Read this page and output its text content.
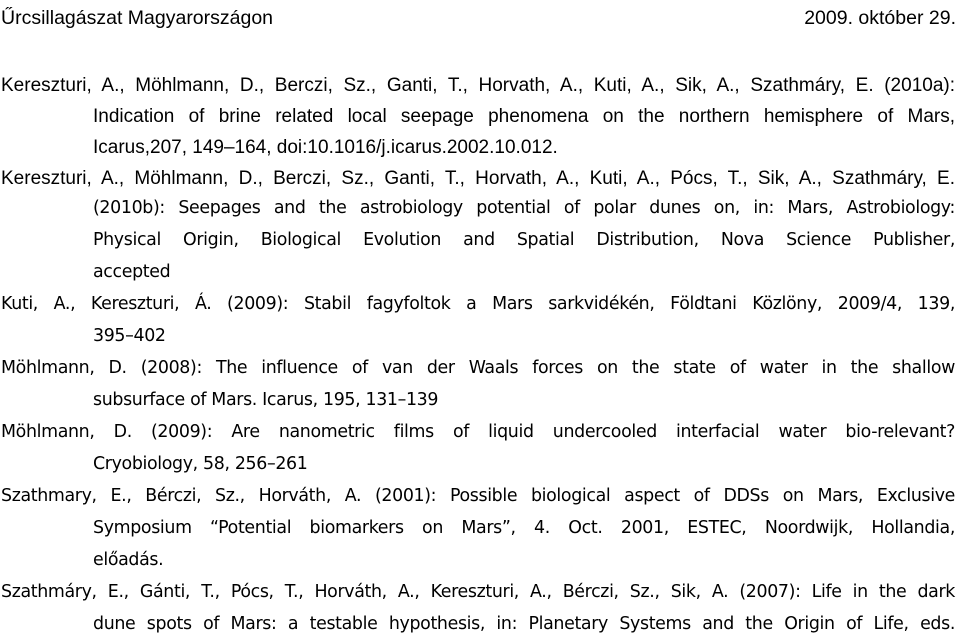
Űrcsillagászat Magyarországon	2009. október 29.
Kereszturi, A., Möhlmann, D., Berczi, Sz., Ganti, T., Horvath, A., Kuti, A., Sik, A., Szathmáry, E. (2010a):
Indication of brine related local seepage phenomena on the northern hemisphere of Mars,
Icarus,207, 149–164, doi:10.1016/j.icarus.2002.10.012.
Kereszturi, A., Möhlmann, D., Berczi, Sz., Ganti, T., Horvath, A., Kuti, A., Pócs, T., Sik, A., Szathmáry, E.
(2010b): Seepages and the astrobiology potential of polar dunes on, in: Mars, Astrobiology:
Physical Origin, Biological Evolution and Spatial Distribution, Nova Science Publisher,
accepted
Kuti, A., Kereszturi, Á. (2009): Stabil fagyfoltok a Mars sarkvidékén, Földtani Közlöny, 2009/4, 139,
395–402
Möhlmann, D. (2008): The influence of van der Waals forces on the state of water in the shallow
subsurface of Mars. Icarus, 195, 131–139
Möhlmann, D. (2009): Are nanometric films of liquid undercooled interfacial water bio-relevant?
Cryobiology, 58, 256–261
Szathmary, E., Bérczi, Sz., Horváth, A. (2001): Possible biological aspect of DDSs on Mars, Exclusive
Symposium “Potential biomarkers on Mars”, 4. Oct. 2001, ESTEC, Noordwijk, Hollandia,
előadás.
Szathmáry, E., Gánti, T., Pócs, T., Horváth, A., Kereszturi, A., Bérczi, Sz., Sik, A. (2007): Life in the dark
dune spots of Mars: a testable hypothesis, in: Planetary Systems and the Origin of Life, eds.
